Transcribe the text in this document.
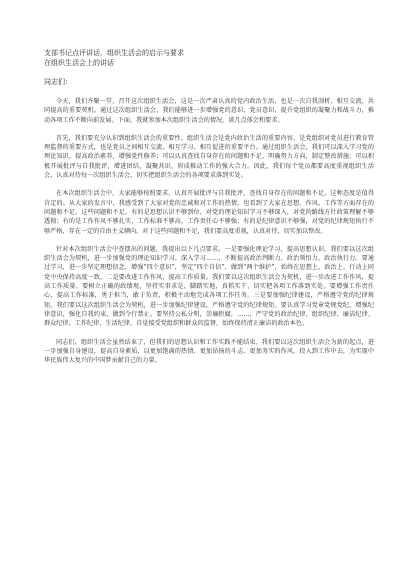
支部书记点评讲话，组织生活会的启示与要求
在组织生活会上的讲话
同志们：

今天，我们齐聚一堂，召开这次组织生活会，这是一次严肃认真的党内政治生活，也是一次自我剖析、相互交流、共同提高的重要契机。通过这次组织生活会，我们能够进一步增强党的意识、党员意识，提升党组织的凝聚力和战斗力，推动各项工作不断向前发展。下面，我就参加本次组织生活会的情况，谈几点体会和要求。

首先，我们要充分认识到组织生活会的重要性。组织生活会是党内政治生活的重要内容，是党组织对党员进行教育管理监督的重要方式，也是党员之间相互交流、相互学习、相互促进的重要平台。通过组织生活会，我们可以深入学习党的理论知识，提高政治素养，增强党性修养；可以认真查找自身存在的问题和不足，明确努力方向，制定整改措施；可以积极开展批评与自我批评，增进团结，凝聚共识，形成推动工作的强大合力。因此，我们每个党员都要高度重视组织生活会，认真对待每一次组织生活会，切实把组织生活会的各项要求落到实处。

在本次组织生活会中，大家能够按照要求，认真开展批评与自我批评，查找自身存在的问题和不足，这种态度是值得肯定的。从大家的发言中，我感受到了大家对党的忠诚和对工作的热情，也看到了大家在思想、作风、工作等方面存在的问题和不足。这些问题和不足，有的是思想认识不够到位，对党的理论知识学习不够深入，对党的路线方针政策理解不够透彻；有的是工作作风不够扎实，工作标准不够高，工作责任心不够强；有的是纪律意识不够强，对党的纪律规矩执行不够严格，存在一定的自由主义倾向。对于这些问题和不足，我们要高度重视，认真对待，切实加以整改。

针对本次组织生活会中查摆出的问题，我提出以下几点要求。一是要强化理论学习，提高思想认识。我们要以这次组织生活会为契机，进一步加强党的理论知识学习，深入学习……，不断提高政治判断力、政治领悟力、政治执行力。要通过学习，进一步坚定理想信念，增强“四个意识”，坚定“四个自信”，做到“两个维护”，始终在思想上、政治上、行动上同党中央保持高度一致。二是要改进工作作风，提高工作质量。我们要以这次组织生活会为契机，进一步改进工作作风，提高工作质量。要树立正确的政绩观，坚持实事求是，脚踏实地，真抓实干，切实把各项工作落到实处。要增强工作责任心，提高工作标准，勇于担当，敢于负责，积极主动地完成各项工作任务。三是要加强纪律建设，严格遵守党的纪律规矩。我们要以这次组织生活会为契机，进一步加强纪律建设，严格遵守党的纪律规矩。要认真学习党章党规党纪，增强纪律意识，强化自我约束，做到令行禁止。要坚持公私分明，崇廉拒腐，……，严守党的政治纪律、组织纪律、廉洁纪律、群众纪律、工作纪律、生活纪律，自觉接受党组织和群众的监督，始终保持清正廉洁的政治本色。

同志们，组织生活会虽然结束了，但我们的思想认识和工作实践不能结束。我们要以这次组织生活会为新的起点，进一步加强自身建设，提高自身素质，以更加饱满的热情、更加昂扬的斗志、更加务实的作风，投入到工作中去，为实现中华民族伟大复兴的中国梦贡献自己的力量。
